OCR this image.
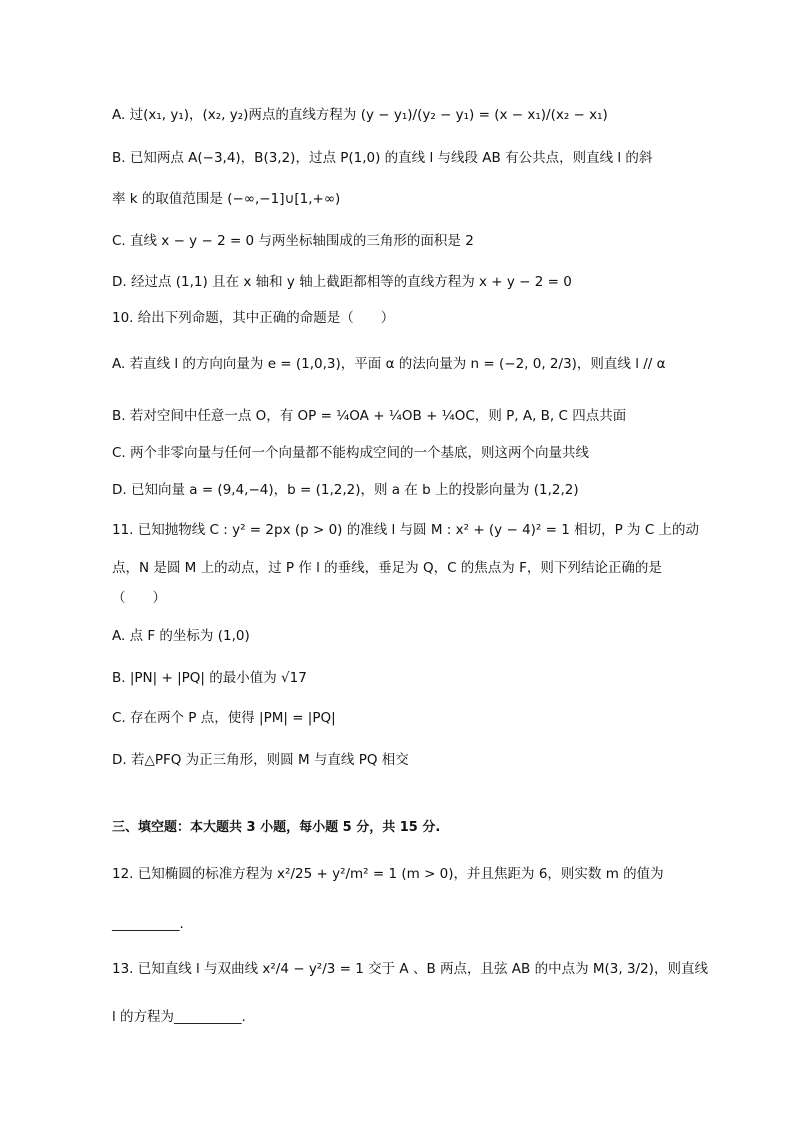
A. 过(x₁, y₁)，(x₂, y₂)两点的直线方程为 (y − y₁)/(y₂ − y₁) = (x − x₁)/(x₂ − x₁)
B. 已知两点 A(−3,4)，B(3,2)，过点 P(1,0) 的直线 l 与线段 AB 有公共点，则直线 l 的斜
率 k 的取值范围是 (−∞,−1]∪[1,+∞)
C. 直线 x − y − 2 = 0 与两坐标轴围成的三角形的面积是 2
D. 经过点 (1,1) 且在 x 轴和 y 轴上截距都相等的直线方程为 x + y − 2 = 0
10. 给出下列命题，其中正确的命题是（　　）
A. 若直线 l 的方向向量为 e = (1,0,3)，平面 α 的法向量为 n = (−2, 0, 2/3)，则直线 l // α
B. 若对空间中任意一点 O，有 OP = ¼OA + ¼OB + ¼OC，则 P, A, B, C 四点共面
C. 两个非零向量与任何一个向量都不能构成空间的一个基底，则这两个向量共线
D. 已知向量 a = (9,4,−4)，b = (1,2,2)，则 a 在 b 上的投影向量为 (1,2,2)
11. 已知抛物线 C : y² = 2px (p > 0) 的准线 l 与圆 M : x² + (y − 4)² = 1 相切，P 为 C 上的动
点，N 是圆 M 上的动点，过 P 作 l 的垂线，垂足为 Q，C 的焦点为 F，则下列结论正确的是
（　　）
A. 点 F 的坐标为 (1,0)
B. |PN| + |PQ| 的最小值为 √17
C. 存在两个 P 点，使得 |PM| = |PQ|
D. 若△PFQ 为正三角形，则圆 M 与直线 PQ 相交
三、填空题：本大题共 3 小题，每小题 5 分，共 15 分.
12. 已知椭圆的标准方程为 x²/25 + y²/m² = 1 (m > 0)，并且焦距为 6，则实数 m 的值为
__________.
13. 已知直线 l 与双曲线 x²/4 − y²/3 = 1 交于 A 、B 两点，且弦 AB 的中点为 M(3, 3/2)，则直线
l 的方程为__________.
